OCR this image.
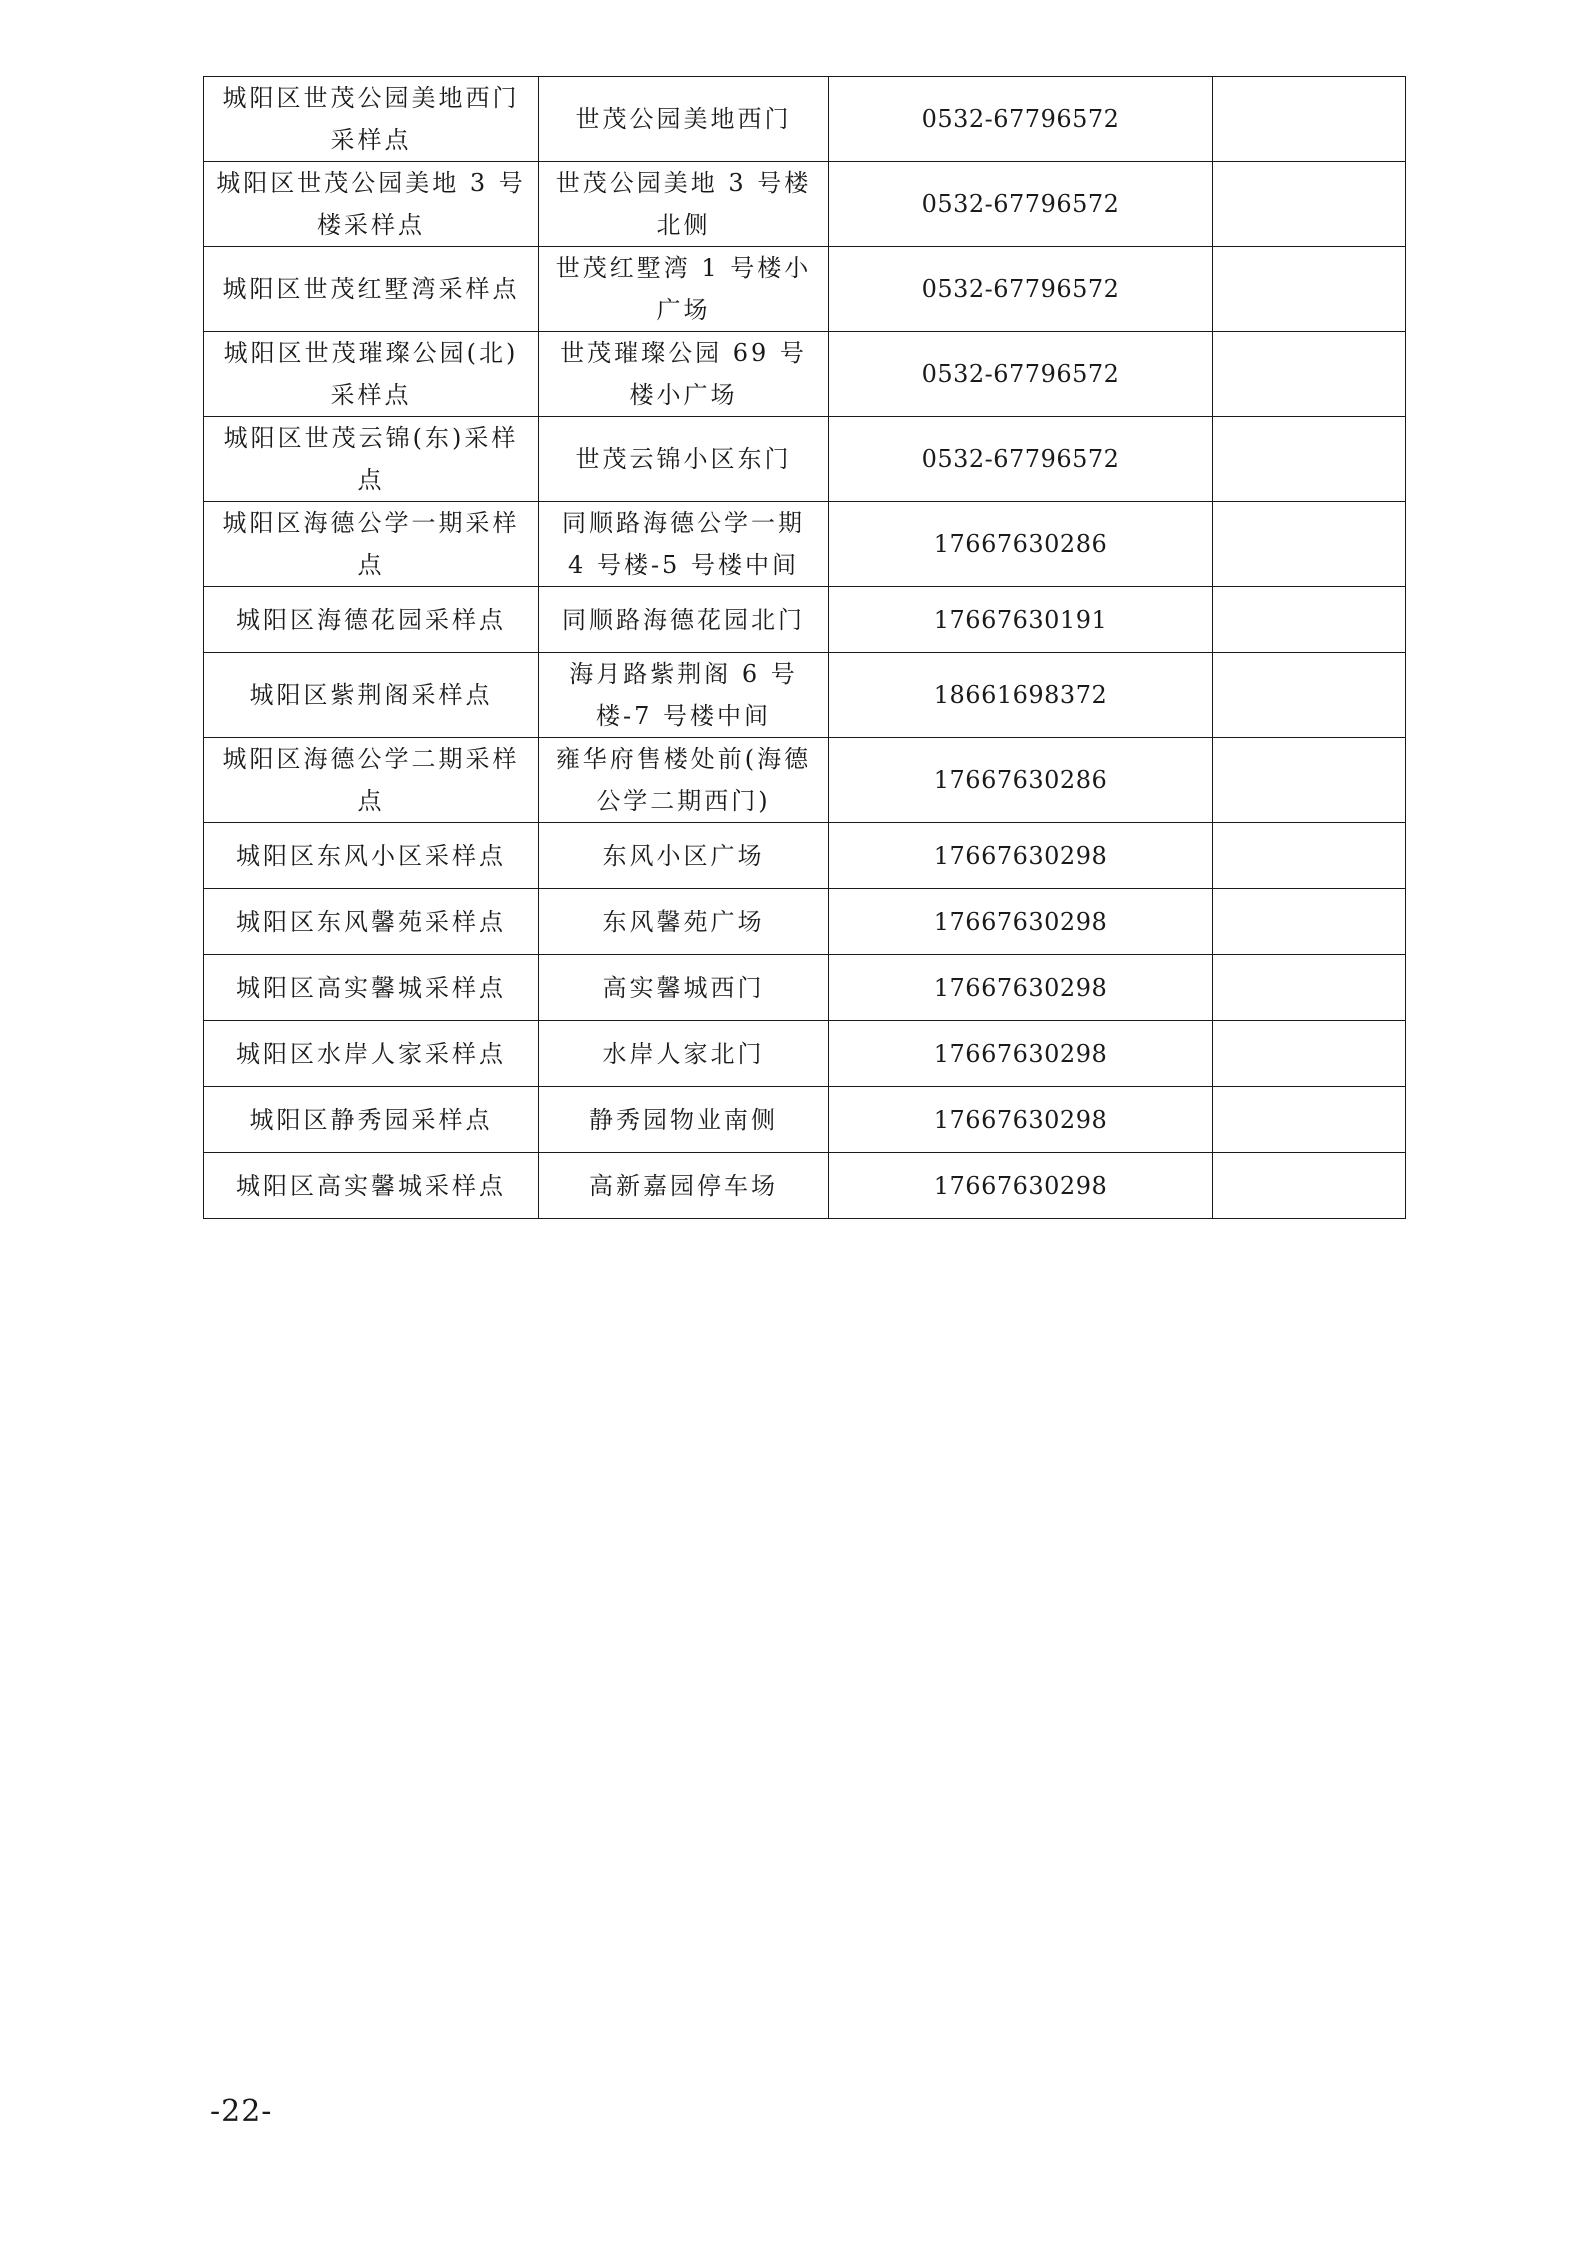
城阳区世茂公园美地西门采样点	世茂公园美地西门	0532-67796572	
城阳区世茂公园美地 3 号楼采样点	世茂公园美地 3 号楼北侧	0532-67796572	
城阳区世茂红墅湾采样点	世茂红墅湾 1 号楼小广场	0532-67796572	
城阳区世茂璀璨公园(北)采样点	世茂璀璨公园 69 号楼小广场	0532-67796572	
城阳区世茂云锦(东)采样点	世茂云锦小区东门	0532-67796572	
城阳区海德公学一期采样点	同顺路海德公学一期 4 号楼-5 号楼中间	17667630286	
城阳区海德花园采样点	同顺路海德花园北门	17667630191	
城阳区紫荆阁采样点	海月路紫荆阁 6 号楼-7 号楼中间	18661698372	
城阳区海德公学二期采样点	雍华府售楼处前(海德公学二期西门)	17667630286	
城阳区东风小区采样点	东风小区广场	17667630298	
城阳区东风馨苑采样点	东风馨苑广场	17667630298	
城阳区高实馨城采样点	高实馨城西门	17667630298	
城阳区水岸人家采样点	水岸人家北门	17667630298	
城阳区静秀园采样点	静秀园物业南侧	17667630298	
城阳区高实馨城采样点	高新嘉园停车场	17667630298	
-22-
